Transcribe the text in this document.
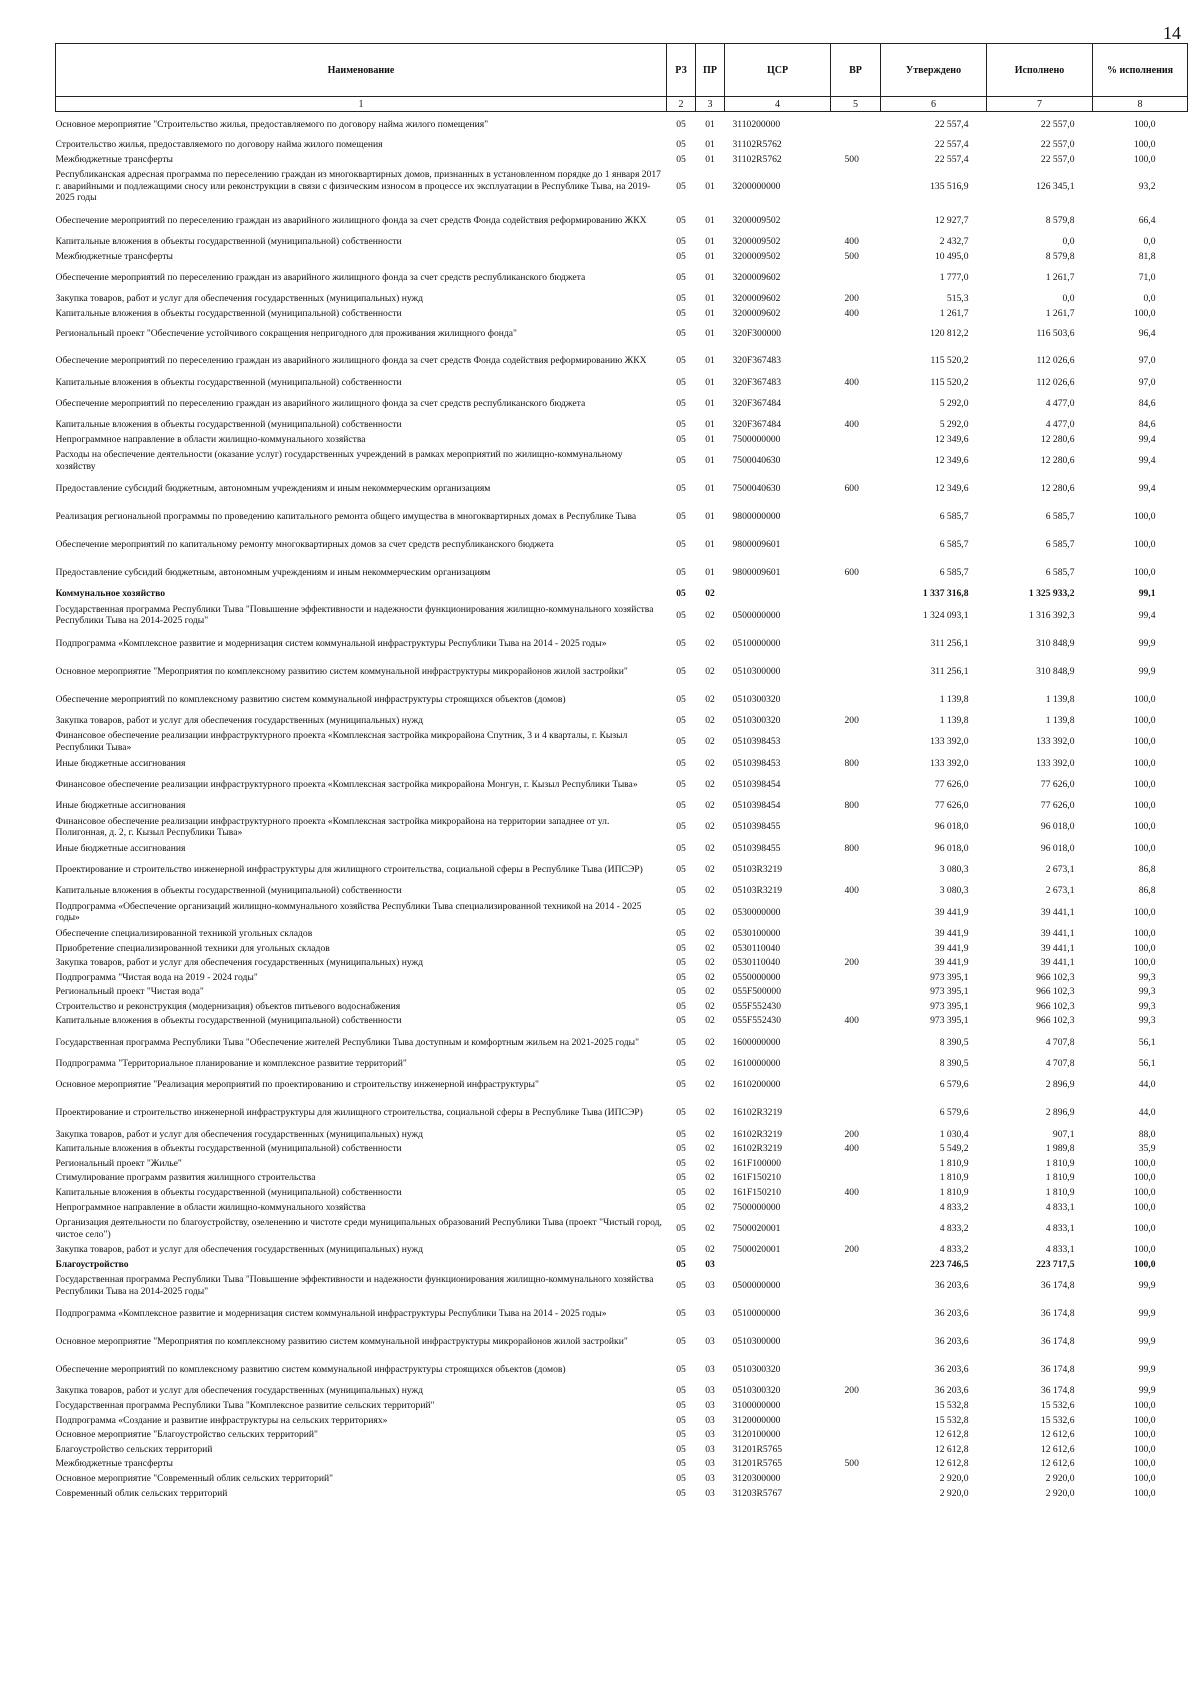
14
Наименование	РЗ	ПР	ЦСР	ВР	Утверждено	Исполнено	% исполнения
1	2	3	4	5	6	7	8
Основное мероприятие "Строительство жилья, предоставляемого по договору найма жилого помещения"	05	01	3110200000		22 557,4	22 557,0	100,0
Строительство жилья, предоставляемого по договору найма жилого помещения	05	01	31102R5762		22 557,4	22 557,0	100,0
Межбюджетные трансферты	05	01	31102R5762	500	22 557,4	22 557,0	100,0
Республиканская адресная программа по переселению граждан из многоквартирных домов, признанных в установленном порядке до 1 января 2017 г. аварийными и подлежащими сносу или реконструкции в связи с физическим износом в процессе их эксплуатации в Республике Тыва, на 2019-2025 годы	05	01	3200000000		135 516,9	126 345,1	93,2
Обеспечение мероприятий по переселению граждан из аварийного жилищного фонда за счет средств Фонда содействия реформированию ЖКХ	05	01	3200009502		12 927,7	8 579,8	66,4
Капитальные вложения в объекты государственной (муниципальной) собственности	05	01	3200009502	400	2 432,7	0,0	0,0
Межбюджетные трансферты	05	01	3200009502	500	10 495,0	8 579,8	81,8
Обеспечение мероприятий по переселению граждан из аварийного жилищного фонда за счет средств республиканского бюджета	05	01	3200009602		1 777,0	1 261,7	71,0
Закупка товаров, работ и услуг для обеспечения государственных (муниципальных) нужд	05	01	3200009602	200	515,3	0,0	0,0
Капитальные вложения в объекты государственной (муниципальной) собственности	05	01	3200009602	400	1 261,7	1 261,7	100,0
Региональный проект "Обеспечение устойчивого сокращения непригодного для проживания жилищного фонда"	05	01	320F300000		120 812,2	116 503,6	96,4
Обеспечение мероприятий по переселению граждан из аварийного жилищного фонда за счет средств Фонда содействия реформированию ЖКХ	05	01	320F367483		115 520,2	112 026,6	97,0
Капитальные вложения в объекты государственной (муниципальной) собственности	05	01	320F367483	400	115 520,2	112 026,6	97,0
Обеспечение мероприятий по переселению граждан из аварийного жилищного фонда за счет средств республиканского бюджета	05	01	320F367484		5 292,0	4 477,0	84,6
Капитальные вложения в объекты государственной (муниципальной) собственности	05	01	320F367484	400	5 292,0	4 477,0	84,6
Непрограммное направление в области жилищно-коммунального хозяйства	05	01	7500000000		12 349,6	12 280,6	99,4
Расходы на обеспечение деятельности (оказание услуг) государственных учреждений в рамках мероприятий по жилищно-коммунальному хозяйству	05	01	7500040630		12 349,6	12 280,6	99,4
Предоставление субсидий бюджетным, автономным учреждениям и иным некоммерческим организациям	05	01	7500040630	600	12 349,6	12 280,6	99,4
Реализация региональной программы по проведению капитального ремонта общего имущества в многоквартирных домах в Республике Тыва	05	01	9800000000		6 585,7	6 585,7	100,0
Обеспечение мероприятий по капитальному ремонту многоквартирных домов за счет средств республиканского бюджета	05	01	9800009601		6 585,7	6 585,7	100,0
Предоставление субсидий бюджетным, автономным учреждениям и иным некоммерческим организациям	05	01	9800009601	600	6 585,7	6 585,7	100,0
Коммунальное хозяйство	05	02			1 337 316,8	1 325 933,2	99,1
Государственная программа Республики Тыва "Повышение эффективности и надежности функционирования жилищно-коммунального хозяйства Республики Тыва на 2014-2025 годы"	05	02	0500000000		1 324 093,1	1 316 392,3	99,4
Подпрограмма «Комплексное развитие и модернизация систем коммунальной инфраструктуры Республики Тыва на 2014 - 2025 годы»	05	02	0510000000		311 256,1	310 848,9	99,9
Основное мероприятие "Мероприятия по комплексному развитию систем коммунальной инфраструктуры микрорайонов жилой застройки"	05	02	0510300000		311 256,1	310 848,9	99,9
Обеспечение мероприятий по комплексному развитию систем коммунальной инфраструктуры строящихся объектов (домов)	05	02	0510300320		1 139,8	1 139,8	100,0
Закупка товаров, работ и услуг для обеспечения государственных (муниципальных) нужд	05	02	0510300320	200	1 139,8	1 139,8	100,0
Финансовое обеспечение реализации инфраструктурного проекта «Комплексная застройка микрорайона Спутник, 3 и 4 кварталы, г. Кызыл Республики Тыва»	05	02	0510398453		133 392,0	133 392,0	100,0
Иные бюджетные ассигнования	05	02	0510398453	800	133 392,0	133 392,0	100,0
Финансовое обеспечение реализации инфраструктурного проекта «Комплексная застройка микрорайона Монгун, г. Кызыл Республики Тыва»	05	02	0510398454		77 626,0	77 626,0	100,0
Иные бюджетные ассигнования	05	02	0510398454	800	77 626,0	77 626,0	100,0
Финансовое обеспечение реализации инфраструктурного проекта «Комплексная застройка микрорайона на территории западнее от ул. Полигонная, д. 2, г. Кызыл Республики Тыва»	05	02	0510398455		96 018,0	96 018,0	100,0
Иные бюджетные ассигнования	05	02	0510398455	800	96 018,0	96 018,0	100,0
Проектирование и строительство инженерной инфраструктуры для жилищного строительства, социальной сферы в Республике Тыва (ИПСЭР)	05	02	05103R3219		3 080,3	2 673,1	86,8
Капитальные вложения в объекты государственной (муниципальной) собственности	05	02	05103R3219	400	3 080,3	2 673,1	86,8
Подпрограмма «Обеспечение организаций жилищно-коммунального хозяйства Республики Тыва специализированной техникой на 2014 - 2025 годы»	05	02	0530000000		39 441,9	39 441,1	100,0
Обеспечение специализированной техникой угольных складов	05	02	0530100000		39 441,9	39 441,1	100,0
Приобретение специализированной техники для угольных складов	05	02	0530110040		39 441,9	39 441,1	100,0
Закупка товаров, работ и услуг для обеспечения государственных (муниципальных) нужд	05	02	0530110040	200	39 441,9	39 441,1	100,0
Подпрограмма "Чистая вода на 2019 - 2024 годы"	05	02	0550000000		973 395,1	966 102,3	99,3
Региональный проект "Чистая вода"	05	02	055F500000		973 395,1	966 102,3	99,3
Строительство и реконструкция (модернизация) объектов питьевого водоснабжения	05	02	055F552430		973 395,1	966 102,3	99,3
Капитальные вложения в объекты государственной (муниципальной) собственности	05	02	055F552430	400	973 395,1	966 102,3	99,3
Государственная программа Республики Тыва "Обеспечение жителей Республики Тыва доступным и комфортным жильем на 2021-2025 годы"	05	02	1600000000		8 390,5	4 707,8	56,1
Подпрограмма "Территориальное планирование и комплексное развитие территорий"	05	02	1610000000		8 390,5	4 707,8	56,1
Основное мероприятие "Реализация мероприятий по проектированию и строительству инженерной инфраструктуры"	05	02	1610200000		6 579,6	2 896,9	44,0
Проектирование и строительство инженерной инфраструктуры для жилищного строительства, социальной сферы в Республике Тыва (ИПСЭР)	05	02	16102R3219		6 579,6	2 896,9	44,0
Закупка товаров, работ и услуг для обеспечения государственных (муниципальных) нужд	05	02	16102R3219	200	1 030,4	907,1	88,0
Капитальные вложения в объекты государственной (муниципальной) собственности	05	02	16102R3219	400	5 549,2	1 989,8	35,9
Региональный проект "Жилье"	05	02	161F100000		1 810,9	1 810,9	100,0
Стимулирование программ развития жилищного строительства	05	02	161F150210		1 810,9	1 810,9	100,0
Капитальные вложения в объекты государственной (муниципальной) собственности	05	02	161F150210	400	1 810,9	1 810,9	100,0
Непрограммное направление в области жилищно-коммунального хозяйства	05	02	7500000000		4 833,2	4 833,1	100,0
Организация деятельности по благоустройству, озеленению и чистоте среди муниципальных образований Республики Тыва (проект "Чистый город, чистое село")	05	02	7500020001		4 833,2	4 833,1	100,0
Закупка товаров, работ и услуг для обеспечения государственных (муниципальных) нужд	05	02	7500020001	200	4 833,2	4 833,1	100,0
Благоустройство	05	03			223 746,5	223 717,5	100,0
Государственная программа Республики Тыва "Повышение эффективности и надежности функционирования жилищно-коммунального хозяйства Республики Тыва на 2014-2025 годы"	05	03	0500000000		36 203,6	36 174,8	99,9
Подпрограмма «Комплексное развитие и модернизация систем коммунальной инфраструктуры Республики Тыва на 2014 - 2025 годы»	05	03	0510000000		36 203,6	36 174,8	99,9
Основное мероприятие "Мероприятия по комплексному развитию систем коммунальной инфраструктуры микрорайонов жилой застройки"	05	03	0510300000		36 203,6	36 174,8	99,9
Обеспечение мероприятий по комплексному развитию систем коммунальной инфраструктуры строящихся объектов (домов)	05	03	0510300320		36 203,6	36 174,8	99,9
Закупка товаров, работ и услуг для обеспечения государственных (муниципальных) нужд	05	03	0510300320	200	36 203,6	36 174,8	99,9
Государственная программа Республики Тыва "Комплексное развитие сельских территорий"	05	03	3100000000		15 532,8	15 532,6	100,0
Подпрограмма «Создание и развитие инфраструктуры на сельских территориях»	05	03	3120000000		15 532,8	15 532,6	100,0
Основное мероприятие "Благоустройство сельских территорий"	05	03	3120100000		12 612,8	12 612,6	100,0
Благоустройство сельских территорий	05	03	31201R5765		12 612,8	12 612,6	100,0
Межбюджетные трансферты	05	03	31201R5765	500	12 612,8	12 612,6	100,0
Основное мероприятие "Современный облик сельских территорий"	05	03	3120300000		2 920,0	2 920,0	100,0
Современный облик сельских территорий	05	03	31203R5767		2 920,0	2 920,0	100,0
